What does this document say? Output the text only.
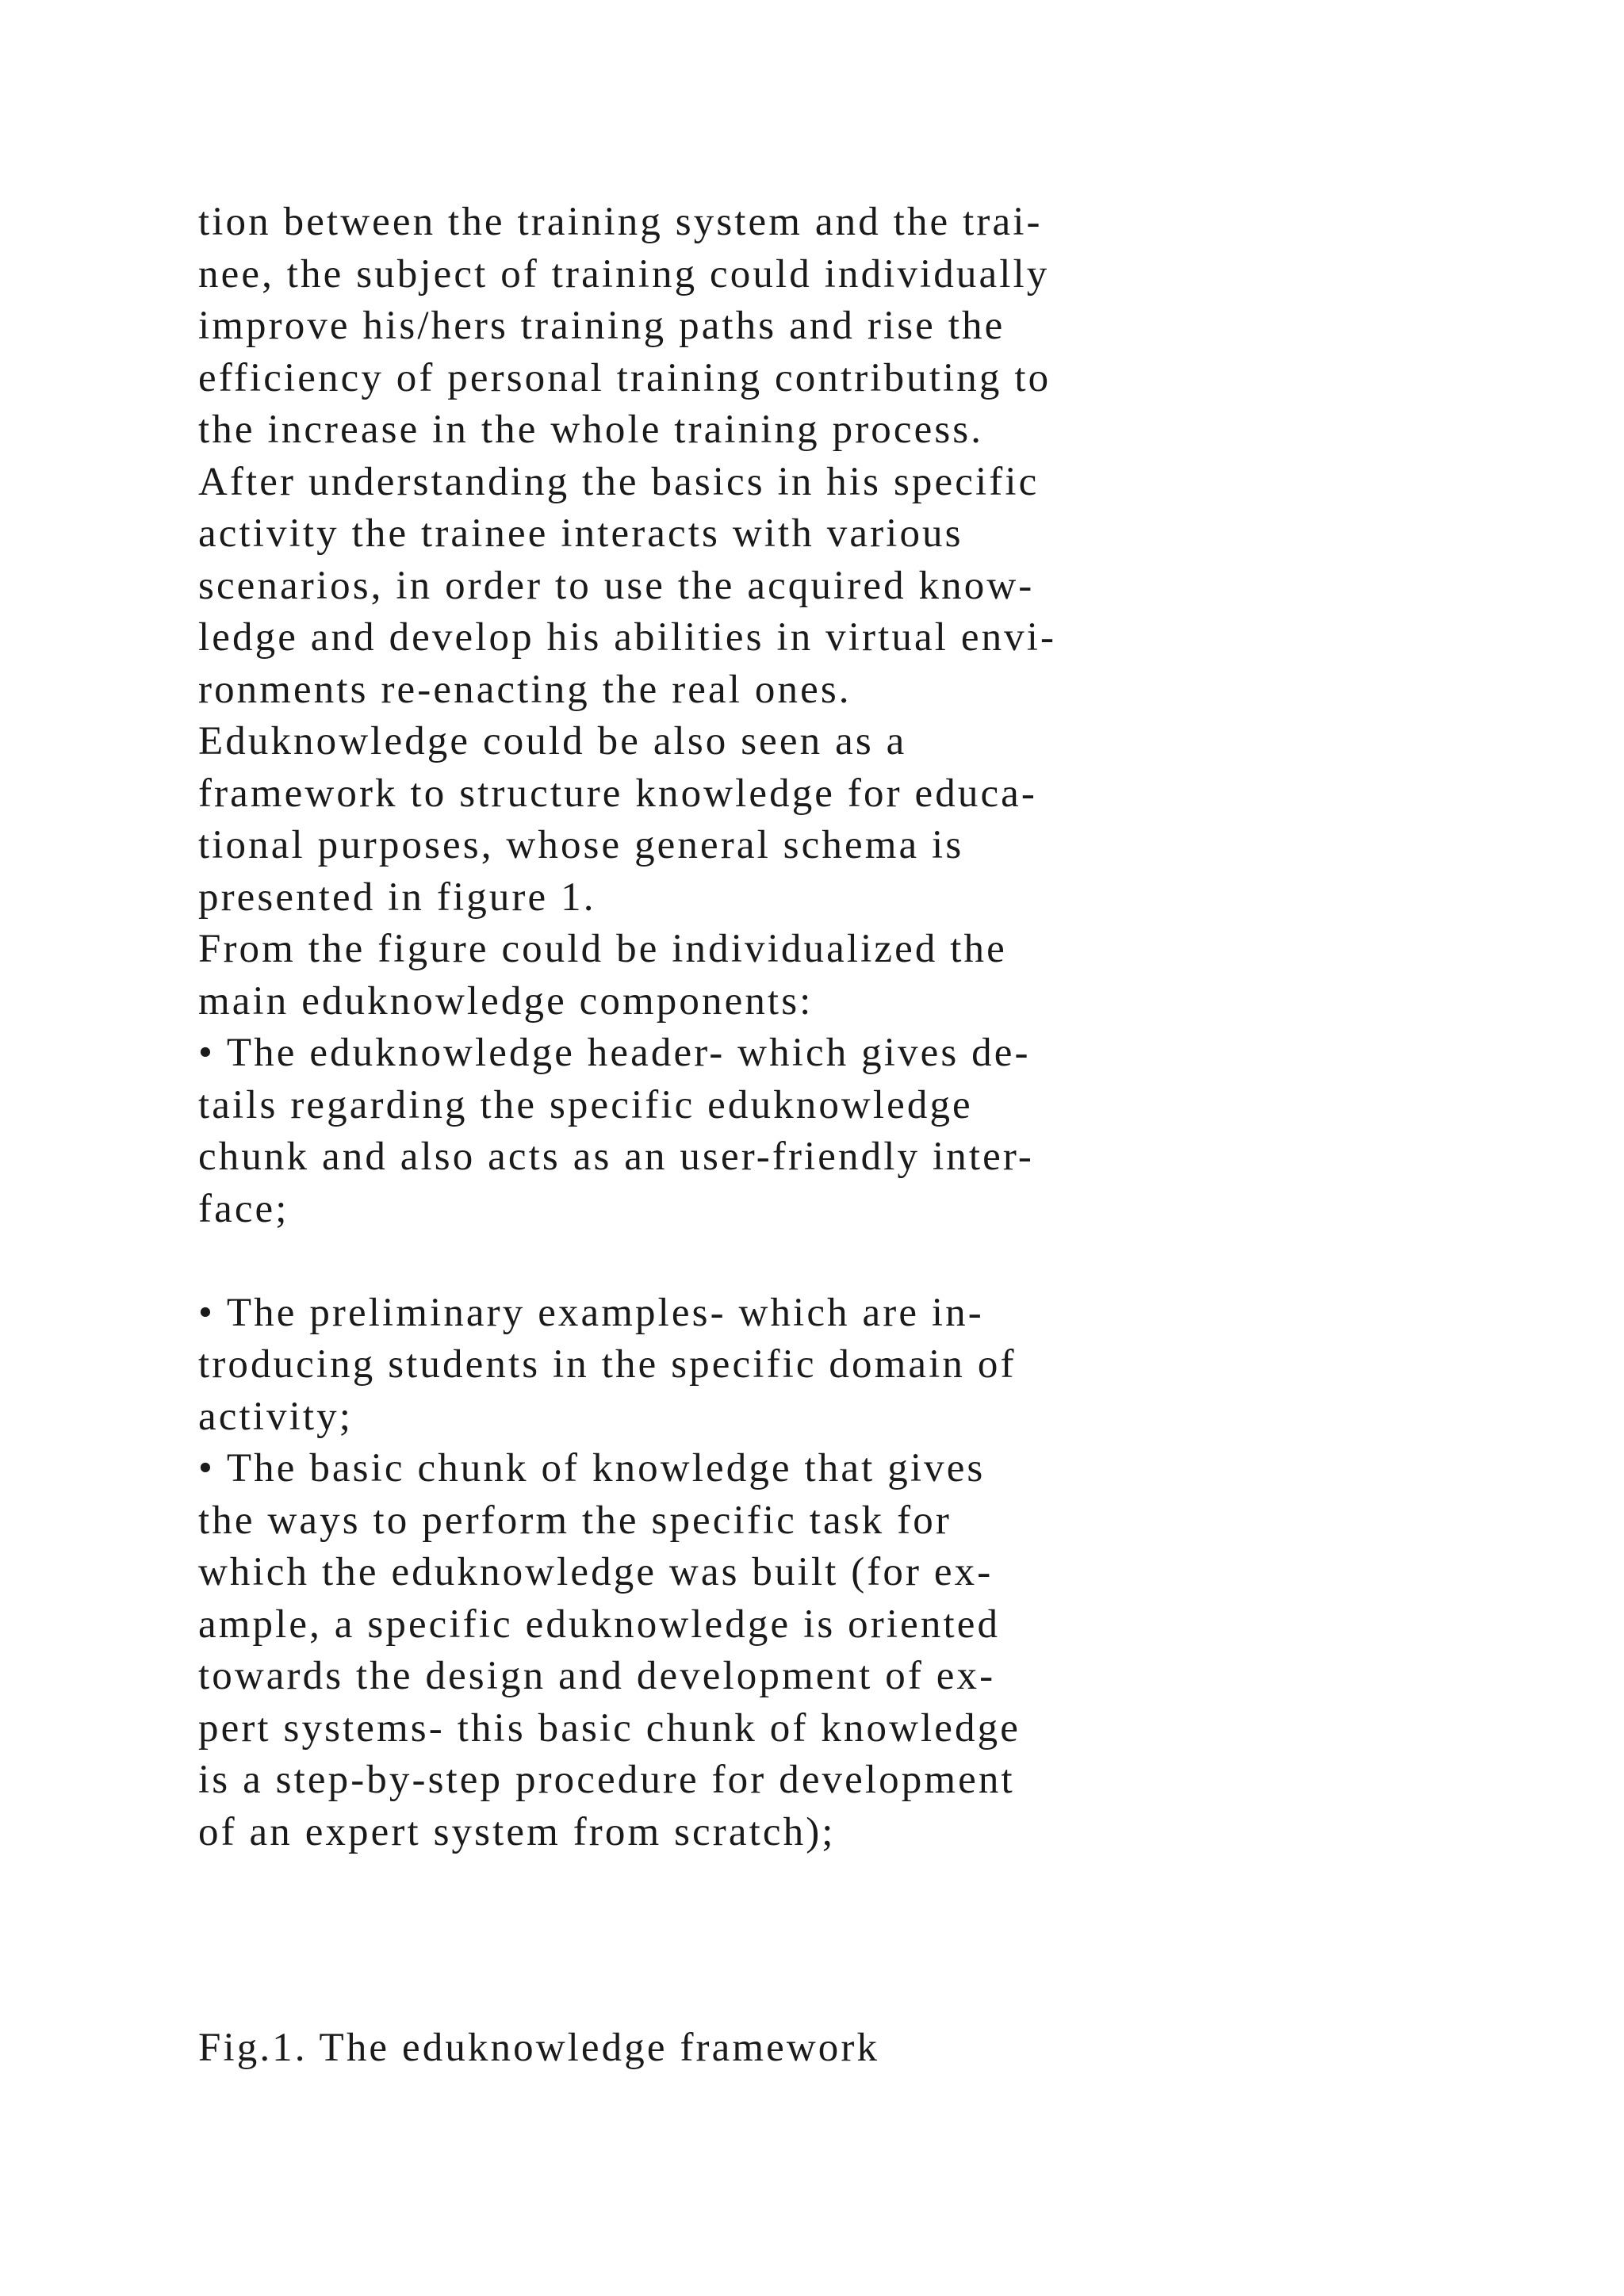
tion between the training system and the trai-
nee, the subject of training could individually
improve his/hers training paths and rise the
efficiency of personal training contributing to
the increase in the whole training process.
After understanding the basics in his specific
activity the trainee interacts with various
scenarios, in order to use the acquired know-
ledge and develop his abilities in virtual envi-
ronments re-enacting the real ones.
Eduknowledge could be also seen as a
framework to structure knowledge for educa-
tional purposes, whose general schema is
presented in figure 1.
From the figure could be individualized the
main eduknowledge components:
• The eduknowledge header- which gives de-
tails regarding the specific eduknowledge
chunk and also acts as an user-friendly inter-
face;
• The preliminary examples- which are in-
troducing students in the specific domain of
activity;
• The basic chunk of knowledge that gives
the ways to perform the specific task for
which the eduknowledge was built (for ex-
ample, a specific eduknowledge is oriented
towards the design and development of ex-
pert systems- this basic chunk of knowledge
is a step-by-step procedure for development
of an expert system from scratch);
Fig.1. The eduknowledge framework
